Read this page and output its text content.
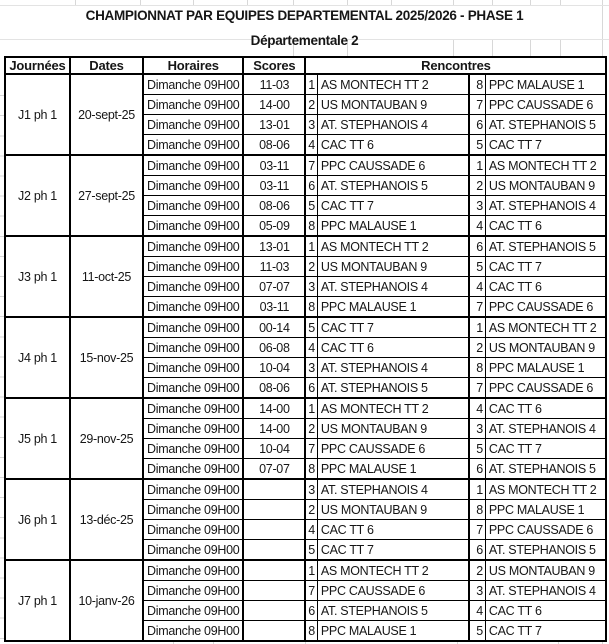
CHAMPIONNAT PAR EQUIPES DEPARTEMENTAL 2025/2026 - PHASE 1
Départementale 2
Journées	Dates	Horaires	Scores	Rencontres			
J1 ph 1	20-sept-25	Dimanche 09H00	11-03	1	AS MONTECH TT 2	8	PPC MALAUSE 1
		Dimanche 09H00	14-00	2	US MONTAUBAN 9	7	PPC CAUSSADE 6
		Dimanche 09H00	13-01	3	AT. STEPHANOIS 4	6	AT. STEPHANOIS 5
		Dimanche 09H00	08-06	4	CAC TT 6	5	CAC TT 7
J2 ph 1	27-sept-25	Dimanche 09H00	03-11	7	PPC CAUSSADE 6	1	AS MONTECH TT 2
		Dimanche 09H00	03-11	6	AT. STEPHANOIS 5	2	US MONTAUBAN 9
		Dimanche 09H00	08-06	5	CAC TT 7	3	AT. STEPHANOIS 4
		Dimanche 09H00	05-09	8	PPC MALAUSE 1	4	CAC TT 6
J3 ph 1	11-oct-25	Dimanche 09H00	13-01	1	AS MONTECH TT 2	6	AT. STEPHANOIS 5
		Dimanche 09H00	11-03	2	US MONTAUBAN 9	5	CAC TT 7
		Dimanche 09H00	07-07	3	AT. STEPHANOIS 4	4	CAC TT 6
		Dimanche 09H00	03-11	8	PPC MALAUSE 1	7	PPC CAUSSADE 6
J4 ph 1	15-nov-25	Dimanche 09H00	00-14	5	CAC TT 7	1	AS MONTECH TT 2
		Dimanche 09H00	06-08	4	CAC TT 6	2	US MONTAUBAN 9
		Dimanche 09H00	10-04	3	AT. STEPHANOIS 4	8	PPC MALAUSE 1
		Dimanche 09H00	08-06	6	AT. STEPHANOIS 5	7	PPC CAUSSADE 6
J5 ph 1	29-nov-25	Dimanche 09H00	14-00	1	AS MONTECH TT 2	4	CAC TT 6
		Dimanche 09H00	14-00	2	US MONTAUBAN 9	3	AT. STEPHANOIS 4
		Dimanche 09H00	10-04	7	PPC CAUSSADE 6	5	CAC TT 7
		Dimanche 09H00	07-07	8	PPC MALAUSE 1	6	AT. STEPHANOIS 5
J6 ph 1	13-déc-25	Dimanche 09H00		3	AT. STEPHANOIS 4	1	AS MONTECH TT 2
		Dimanche 09H00		2	US MONTAUBAN 9	8	PPC MALAUSE 1
		Dimanche 09H00		4	CAC TT 6	7	PPC CAUSSADE 6
		Dimanche 09H00		5	CAC TT 7	6	AT. STEPHANOIS 5
J7 ph 1	10-janv-26	Dimanche 09H00		1	AS MONTECH TT 2	2	US MONTAUBAN 9
		Dimanche 09H00		7	PPC CAUSSADE 6	3	AT. STEPHANOIS 4
		Dimanche 09H00		6	AT. STEPHANOIS 5	4	CAC TT 6
		Dimanche 09H00		8	PPC MALAUSE 1	5	CAC TT 7
